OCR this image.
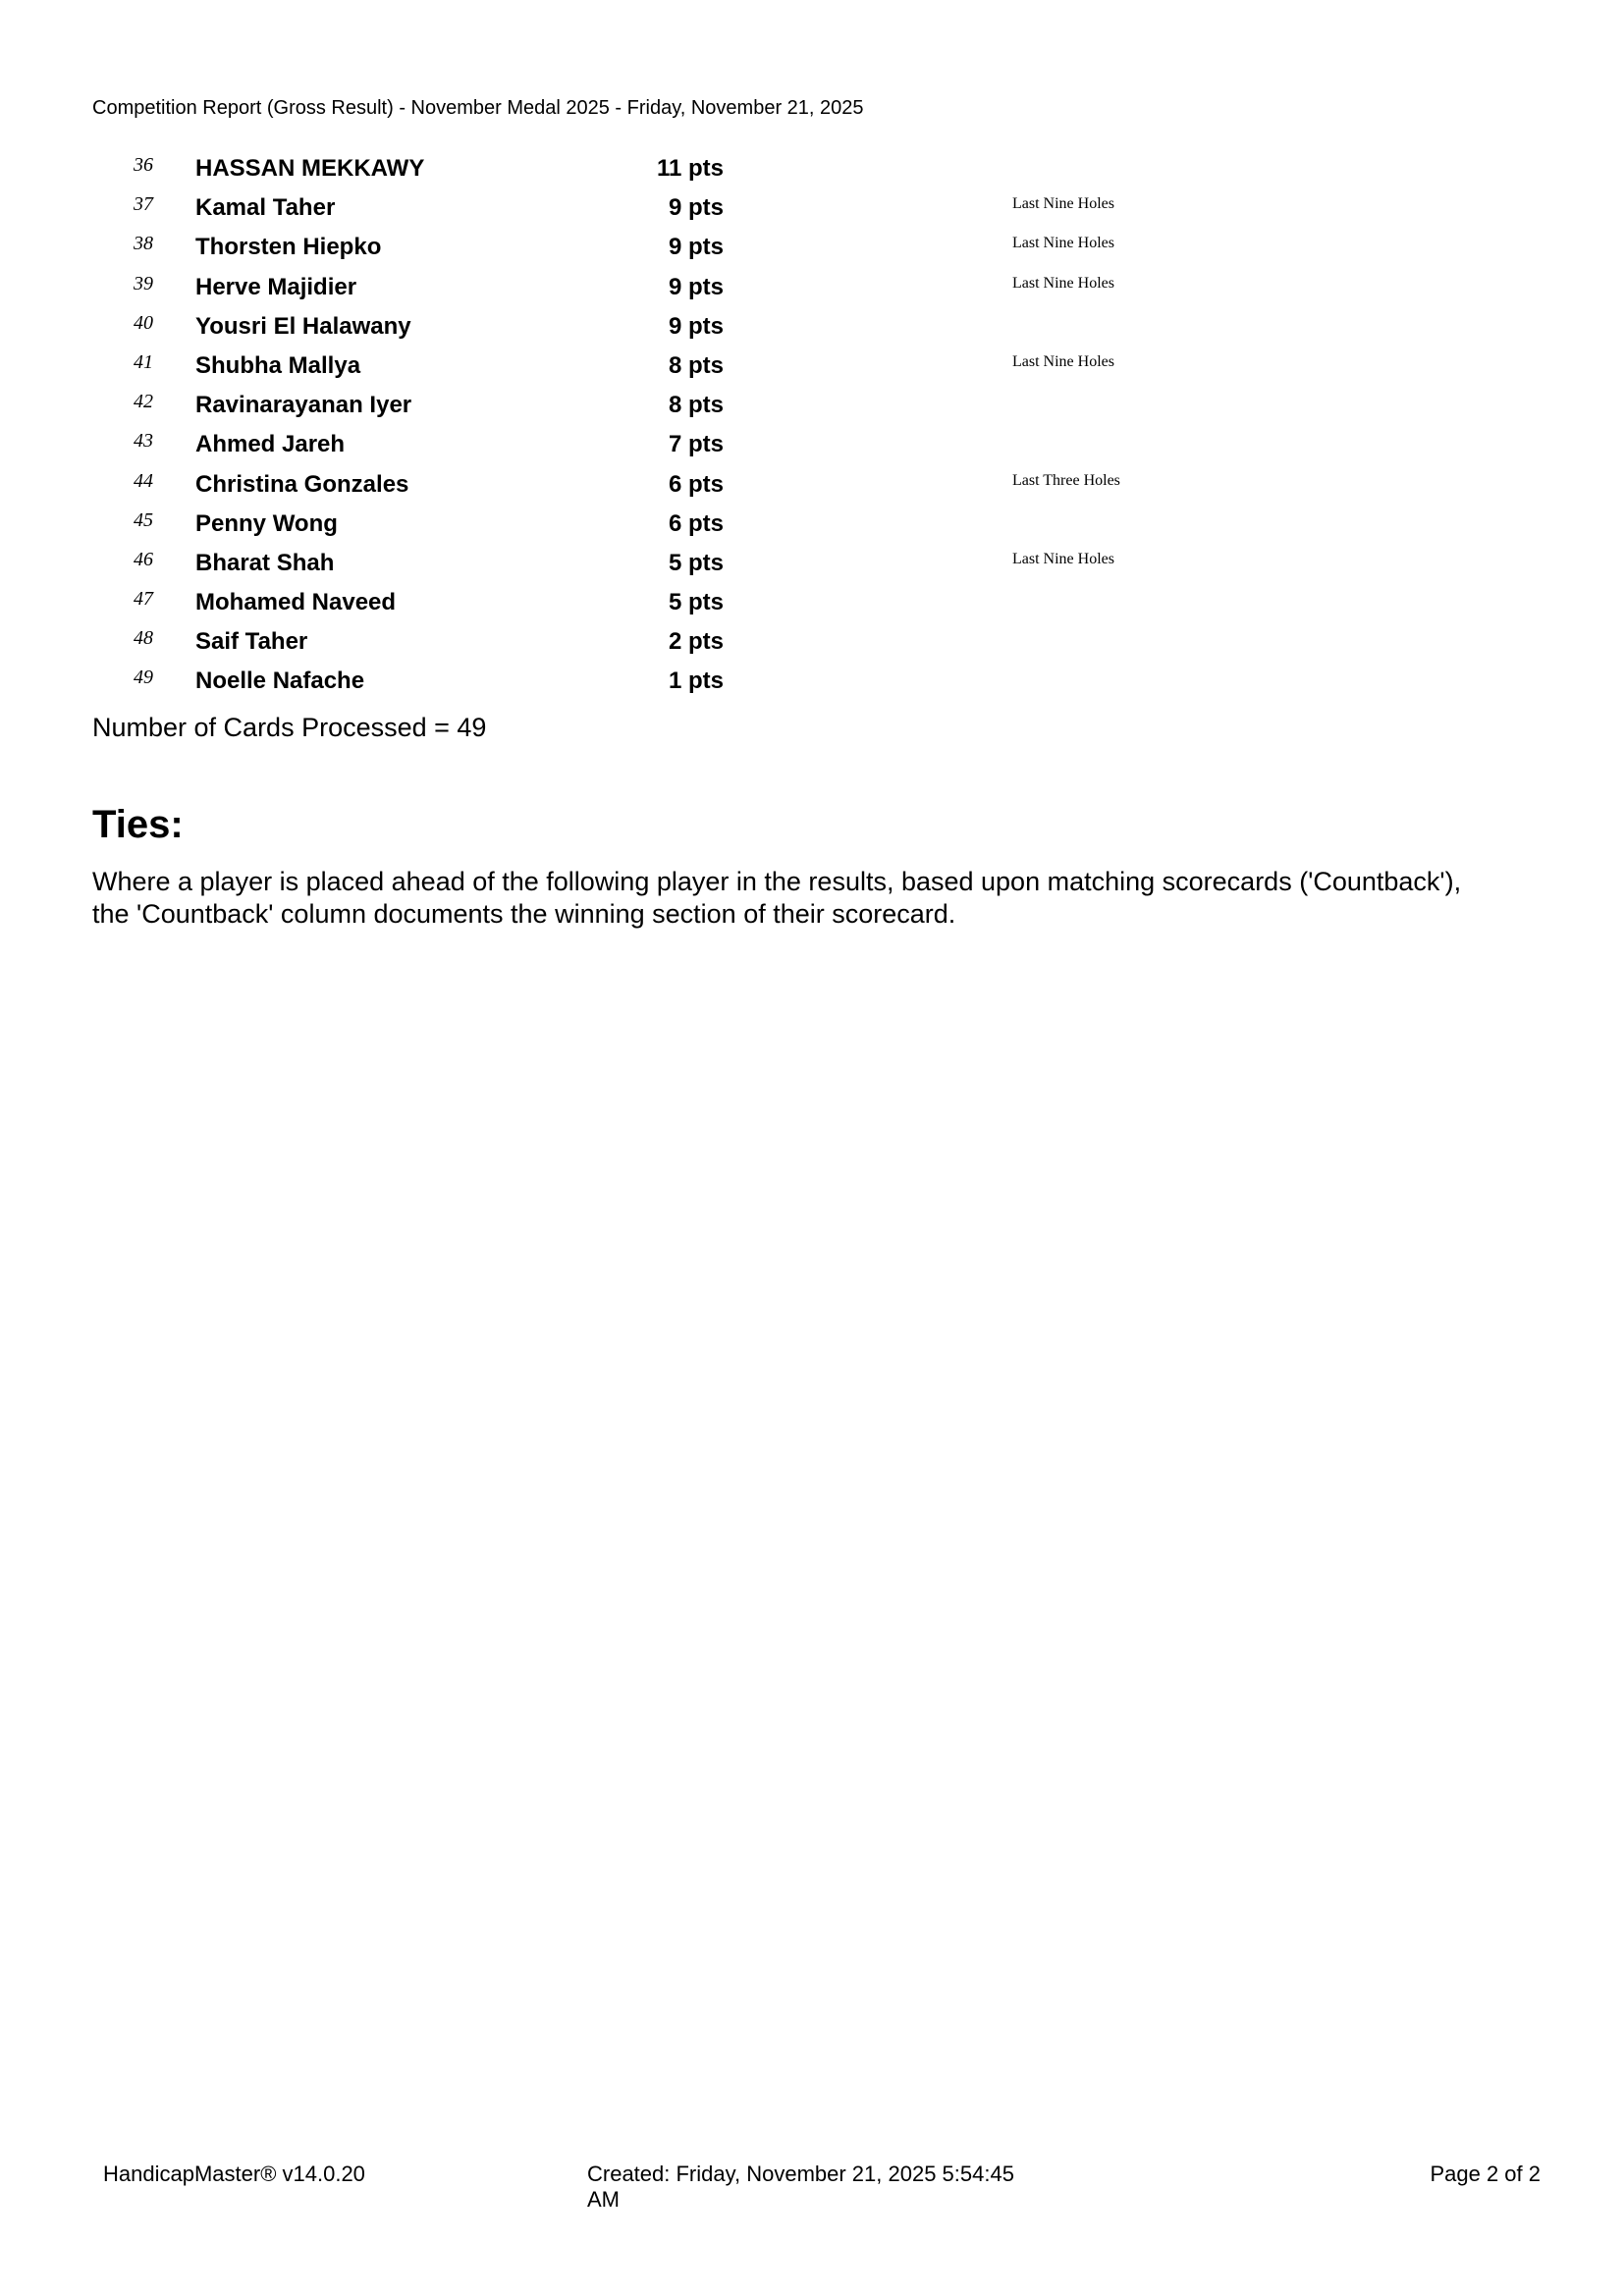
Competition Report (Gross Result) - November Medal 2025 - Friday, November 21, 2025
36 HASSAN MEKKAWY	11 pts
37 Kamal Taher	9 pts	Last Nine Holes
38 Thorsten Hiepko	9 pts	Last Nine Holes
39 Herve Majidier	9 pts	Last Nine Holes
40 Yousri El Halawany	9 pts
41 Shubha Mallya	8 pts	Last Nine Holes
42 Ravinarayanan Iyer	8 pts
43 Ahmed Jareh	7 pts
44 Christina Gonzales	6 pts	Last Three Holes
45 Penny Wong	6 pts
46 Bharat Shah	5 pts	Last Nine Holes
47 Mohamed Naveed	5 pts
48 Saif Taher	2 pts
49 Noelle Nafache	1 pts
Number of Cards Processed = 49
Ties:
Where a player is placed ahead of the following player in the results, based upon matching scorecards ('Countback'),
the 'Countback' column documents the winning section of their scorecard.
HandicapMaster® v14.0.20	Created: Friday, November 21, 2025 5:54:45
AM
Page 2 of 2
